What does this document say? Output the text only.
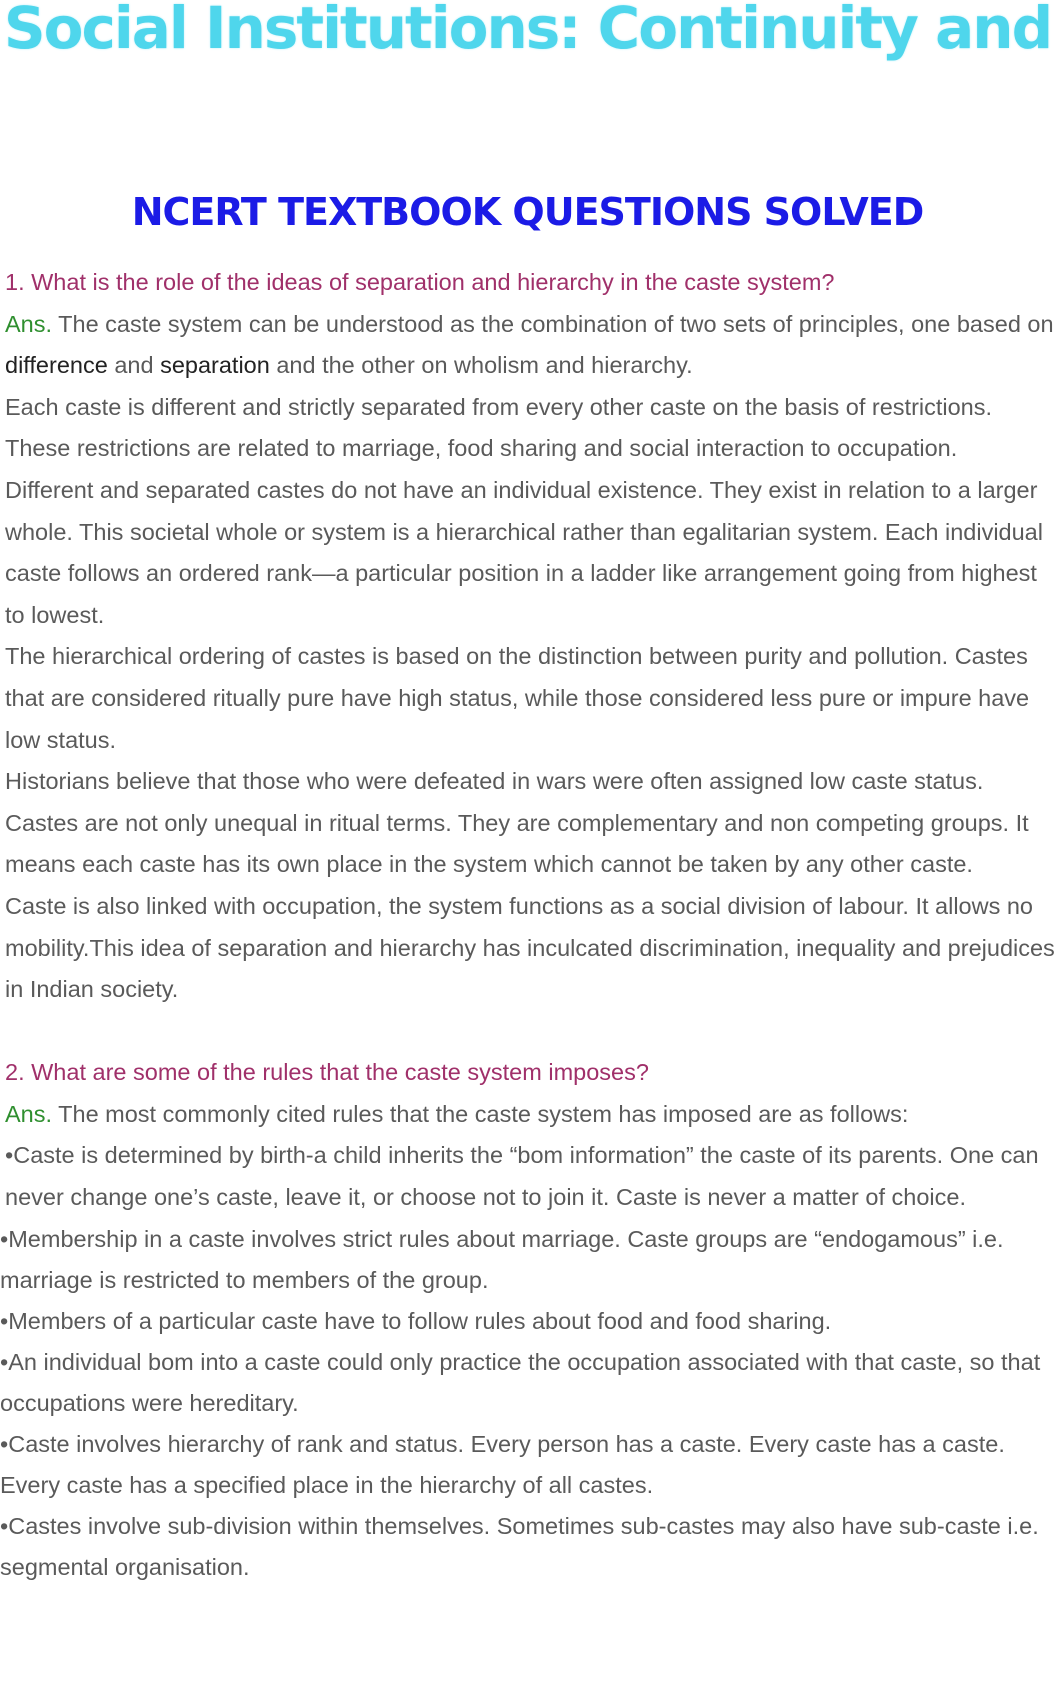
Social Institutions: Continuity and
NCERT TEXTBOOK QUESTIONS SOLVED

1. What is the role of the ideas of separation and hierarchy in the caste system?

Ans. The caste system can be understood as the combination of two sets of principles, one based on difference and separation and the other on wholism and hierarchy.

Each caste is different and strictly separated from every other caste on the basis of restrictions. These restrictions are related to marriage, food sharing and social interaction to occupation.

Different and separated castes do not have an individual existence. They exist in relation to a larger whole. This societal whole or system is a hierarchical rather than egalitarian system. Each individual caste follows an ordered rank—a particular position in a ladder like arrangement going from highest to lowest.

The hierarchical ordering of castes is based on the distinction between purity and pollution. Castes that are considered ritually pure have high status, while those considered less pure or impure have low status.

Historians believe that those who were defeated in wars were often assigned low caste status.

Castes are not only unequal in ritual terms. They are complementary and non competing groups. It means each caste has its own place in the system which cannot be taken by any other caste.

Caste is also linked with occupation, the system functions as a social division of labour. It allows no mobility.This idea of separation and hierarchy has inculcated discrimination, inequality and prejudices in Indian society.

2. What are some of the rules that the caste system imposes?

Ans. The most commonly cited rules that the caste system has imposed are as follows:

•Caste is determined by birth-a child inherits the “bom information” the caste of its parents. One can never change one’s caste, leave it, or choose not to join it. Caste is never a matter of choice.

•Membership in a caste involves strict rules about marriage. Caste groups are “endogamous” i.e. marriage is restricted to members of the group.

•Members of a particular caste have to follow rules about food and food sharing.

•An individual bom into a caste could only practice the occupation associated with that caste, so that occupations were hereditary.

•Caste involves hierarchy of rank and status. Every person has a caste. Every caste has a caste. Every caste has a specified place in the hierarchy of all castes.

•Castes involve sub-division within themselves. Sometimes sub-castes may also have sub-caste i.e. segmental organisation.
